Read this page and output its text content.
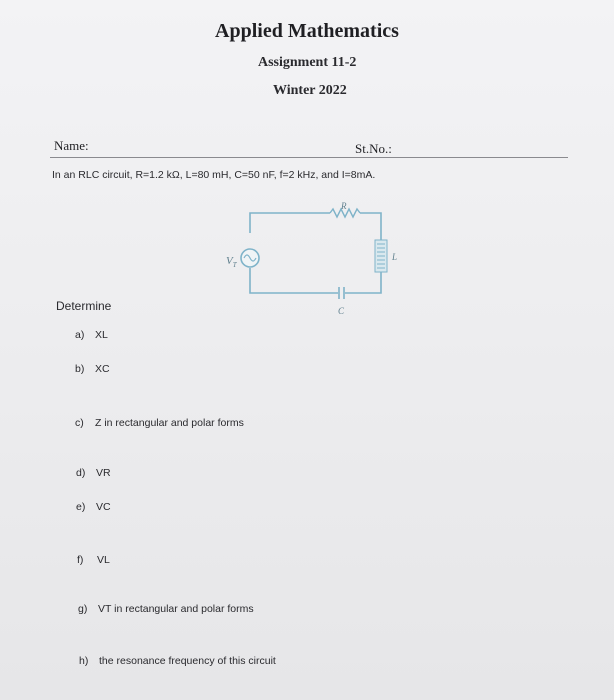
Applied Mathematics
Assignment 11-2
Winter 2022
Name:	St.No.:
In an RLC circuit, R=1.2 kΩ, L=80 mH, C=50 nF, f=2 kHz, and I=8mA.
$V_T$
R
L
C
Determine
a) XL
b) XC
c) Z in rectangular and polar forms
d) VR
e) VC
f) VL
g) VT in rectangular and polar forms
h) the resonance frequency of this circuit
